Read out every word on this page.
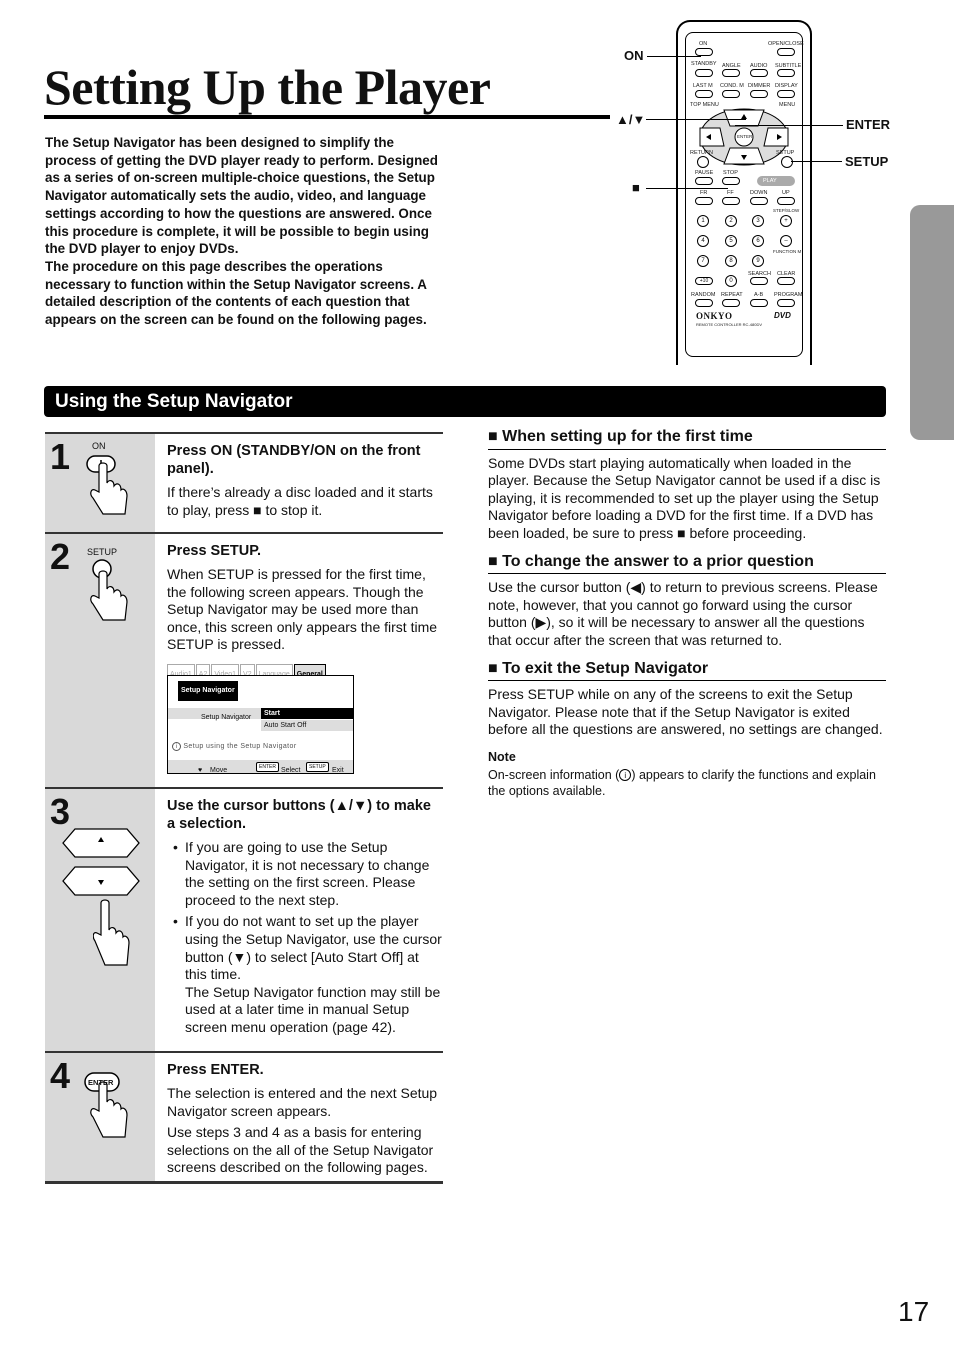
Setting Up the Player

The Setup Navigator has been designed to simplify the process of getting the DVD player ready to perform. Designed as a series of on-screen multiple-choice questions, the Setup Navigator automatically sets the audio, video, and language settings according to how the questions are answered. Once this procedure is complete, it will be possible to begin using the DVD player to enjoy DVDs.

The procedure on this page describes the operations necessary to function within the Setup Navigator screens. A detailed description of the contents of each question that appears on the screen can be found on the following pages.

ON	OPEN/CLOSE
STANDBY ANGLE AUDIO SUBTITLE
LAST M COND. M DIMMER DISPLAY
TOP MENU	MENU
ENTER
RETURN	SETUP
PAUSE STOP
PLAY
FR	FF	DOWN	UP
STEP/SLOW
1	2	3	+
4	5	6	–
FUNCTION M
7	8	9
SEARCH CLEAR
+10	0
RANDOM REPEAT A-B PROGRAM
ONKYO	DVD
REMOTE CONTROLLER RC-480DV
ON
▲/▼
■
ENTER
SETUP
Using the Setup Navigator
1 ON	Press ON (STANDBY/ON on the front panel).
If there’s already a disc loaded and it starts to play, press ■ to stop it.
2 SETUP	Press SETUP.
When SETUP is pressed for the first time, the following screen appears. Though the Setup Navigator may be used more than once, this screen only appears the first time SETUP is pressed.
Setup Navigator
Setup Navigator
Start
Auto Start Off
i Setup using the Setup Navigator
♥ Move	ENTER Select	SETUP Exit
3	Use the cursor buttons (▲/▼) to make a selection.
• If you are going to use the Setup Navigator, it is not necessary to change the setting on the first screen. Please proceed to the next step.
• If you do not want to set up the player using the Setup Navigator, use the cursor button (▼) to select [Auto Start Off] at this time.
The Setup Navigator function may still be used at a later time in manual Setup screen menu operation (page 42).
4 ENTER
Press ENTER.
The selection is entered and the next Setup Navigator screen appears.
Use steps 3 and 4 as a basis for entering selections on the all of the Setup Navigator screens described on the following pages.
■ When setting up for the first time
Some DVDs start playing automatically when loaded in the player. Because the Setup Navigator cannot be used if a disc is playing, it is recommended to set up the player using the Setup Navigator before loading a DVD for the first time. If a DVD has been loaded, be sure to press ■ before proceeding.
■ To change the answer to a prior question
Use the cursor button (◀) to return to previous screens. Please note, however, that you cannot go forward using the cursor button (▶), so it will be necessary to answer all the questions that occur after the screen that was returned to.
■ To exit the Setup Navigator
Press SETUP while on any of the screens to exit the Setup Navigator. Please note that if the Setup Navigator is exited before all the questions are answered, no settings are changed.
Note
On-screen information ( i ) appears to clarify the functions and explain the options available.
17
